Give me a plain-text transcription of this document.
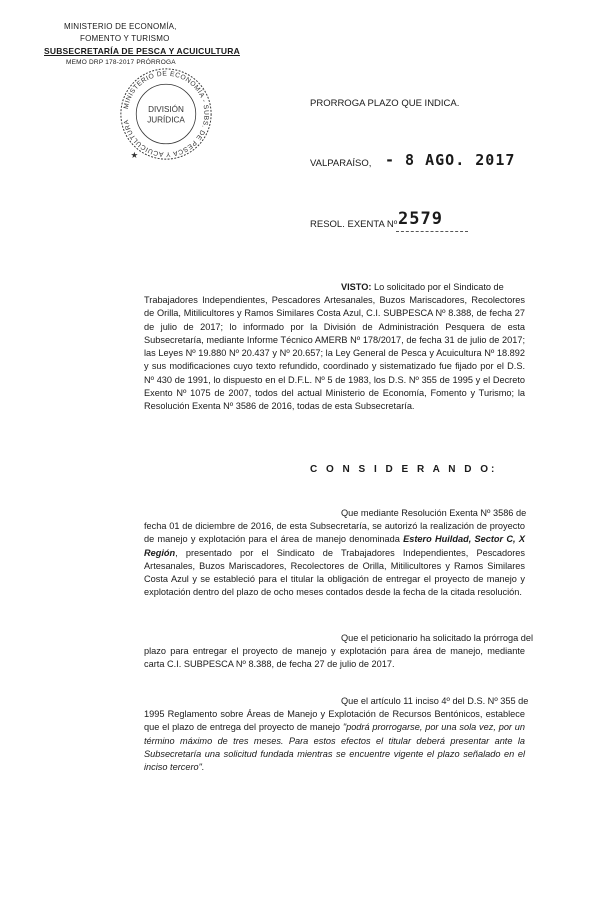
MINISTERIO DE ECONOMÍA,
FOMENTO Y TURISMO
SUBSECRETARÍA DE PESCA Y ACUICULTURA
MEMO DRP 178-2017 PRÓRROGA
MINISTERIO DE ECONOMÍA - SUBS. DE PESCA Y ACUICULTURA
DIVISIÓN
JURÍDICA
★
PRORROGA PLAZO QUE INDICA.
VALPARAÍSO, - 8 AGO. 2017
RESOL. EXENTA Nº 2579
VISTO: Lo solicitado por el Sindicato de
Trabajadores Independientes, Pescadores Artesanales, Buzos Mariscadores, Recolectores de Orilla, Mitilicultores y Ramos Similares Costa Azul, C.I. SUBPESCA Nº 8.388, de fecha 27 de julio de 2017; lo informado por la División de Administración Pesquera de esta Subsecretaría, mediante Informe Técnico AMERB Nº 178/2017, de fecha 31 de julio de 2017; las Leyes Nº 19.880 Nº 20.437 y Nº 20.657; la Ley General de Pesca y Acuicultura Nº 18.892 y sus modificaciones cuyo texto refundido, coordinado y sistematizado fue fijado por el D.S. Nº 430 de 1991, lo dispuesto en el D.F.L. Nº 5 de 1983, los D.S. Nº 355 de 1995 y el Decreto Exento Nº 1075 de 2007, todos del actual Ministerio de Economía, Fomento y Turismo; la Resolución Exenta Nº 3586 de 2016, todas de esta Subsecretaría.
C O N S I D E R A N D O:
Que mediante Resolución Exenta Nº 3586 de
fecha 01 de diciembre de 2016, de esta Subsecretaría, se autorizó la realización de proyecto de manejo y explotación para el área de manejo denominada Estero Huildad, Sector C, X Región, presentado por el Sindicato de Trabajadores Independientes, Pescadores Artesanales, Buzos Mariscadores, Recolectores de Orilla, Mitilicultores y Ramos Similares Costa Azul y se estableció para el titular la obligación de entregar el proyecto de manejo y explotación dentro del plazo de ocho meses contados desde la fecha de la citada resolución.
Que el peticionario ha solicitado la prórroga del
plazo para entregar el proyecto de manejo y explotación para área de manejo, mediante carta C.I. SUBPESCA Nº 8.388, de fecha 27 de julio de 2017.
Que el artículo 11 inciso 4º del D.S. Nº 355 de
1995 Reglamento sobre Áreas de Manejo y Explotación de Recursos Bentónicos, establece que el plazo de entrega del proyecto de manejo "podrá prorrogarse, por una sola vez, por un término máximo de tres meses. Para estos efectos el titular deberá presentar ante la Subsecretaría una solicitud fundada mientras se encuentre vigente el plazo señalado en el inciso tercero".
